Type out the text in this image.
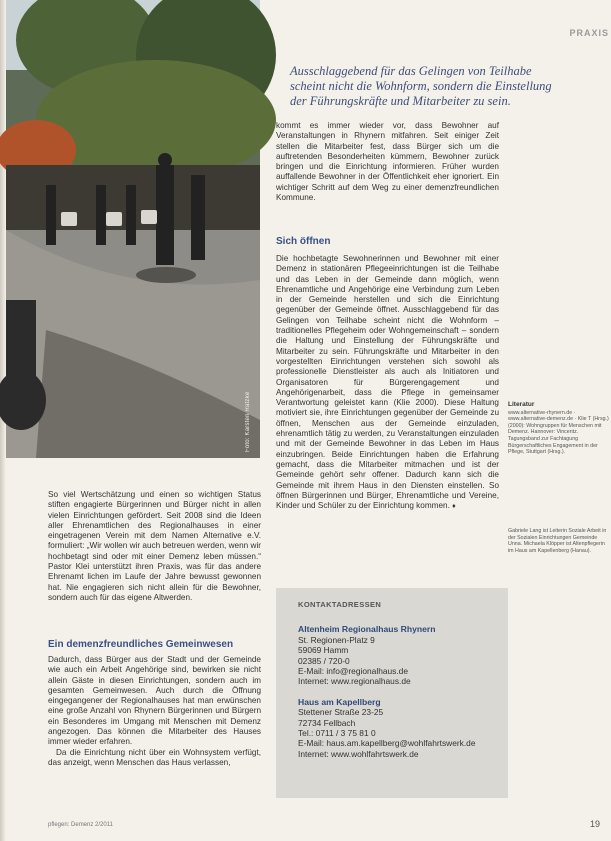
Foto: Karsten Ratzke
PRAXIS
Ausschlaggebend für das Gelingen von Teilhabe scheint nicht die Wohnform, sondern die Einstellung der Führungskräfte und Mitarbeiter zu sein.

kommt es immer wieder vor, dass Bewohner auf Veranstaltungen in Rhynern mitfahren. Seit einiger Zeit stellen die Mitarbeiter fest, dass Bürger sich um die auftretenden Besonderheiten kümmern, Bewohner zurück bringen und die Einrichtung informieren. Früher wurden auffallende Bewohner in der Öffentlichkeit eher ignoriert. Ein wichtiger Schritt auf dem Weg zu einer demenzfreundlichen Kommune.

Sich öffnen

Die hochbetagte Sewohnerinnen und Bewohner mit einer Demenz in stationären Pflegeeinrichtungen ist die Teilhabe und das Leben in der Gemeinde dann möglich, wenn Ehrenamtliche und Angehörige eine Verbindung zum Leben in der Gemeinde herstellen und sich die Einrichtung gegenüber der Gemeinde öffnet. Ausschlaggebend für das Gelingen von Teilhabe scheint nicht die Wohnform – traditionelles Pflegeheim oder Wohngemeinschaft – sondern die Haltung und Einstellung der Führungskräfte und Mitarbeiter zu sein. Führungskräfte und Mitarbeiter in den vorgestellten Einrichtungen verstehen sich sowohl als professionelle Dienstleister als auch als Initiatoren und Organisatoren für Bürgerengagement und Angehörigenarbeit, dass die Pflege in gemeinsamer Verantwortung geleistet kann (Klie 2000). Diese Haltung motiviert sie, ihre Einrichtungen gegenüber der Gemeinde zu öffnen, Menschen aus der Gemeinde einzuladen, ehrenamtlich tätig zu werden, zu Veranstaltungen einzuladen und mit der Gemeinde Bewohner in das Leben im Haus einzubringen. Beide Einrichtungen haben die Erfahrung gemacht, dass die Mitarbeiter mitmachen und ist der Gemeinde gehört sehr offener. Dadurch kann sich die Gemeinde mit ihrem Haus in den Diensten einstellen. So öffnen Bürgerinnen und Bürger, Ehrenamtliche und Vereine, Kinder und Schüler zu der Einrichtung kommen. ♦

So viel Wertschätzung und einen so wichtigen Status stiften engagierte Bürgerinnen und Bürger nicht in allen vielen Einrichtungen gefördert. Seit 2008 sind die Ideen aller Ehrenamtlichen des Regionalhauses in einer eingetragenen Verein mit dem Namen Alternative e.V. formuliert: „Wir wollen wir auch betreuen werden, wenn wir hochbetagt sind oder mit einer Demenz leben müssen.“ Pastor Klei unterstützt ihren Praxis, was für das andere Ehrenamt lichen im Laufe der Jahre bewusst gewonnen hat. Nie engagieren sich nicht allein für die Bewohner, sondern auch für das eigene Altwerden.

Ein demenzfreundliches Gemeinwesen

Dadurch, dass Bürger aus der Stadt und der Gemeinde wie auch ein Arbeit Angehörige sind, bewirken sie nicht allein Gäste in diesen Einrichtungen, sondern auch im gesamten Gemeinwesen. Auch durch die Öffnung eingegangener der Regionalhauses hat man erwünschen eine große Anzahl von Rhynern Bürgerinnen und Bürgern ein Besonderes im Umgang mit Menschen mit Demenz angezogen. Das können die Mitarbeiter des Hauses immer wieder erfahren.

Da die Einrichtung nicht über ein Wohnsystem verfügt, das anzeigt, wenn Menschen das Haus verlassen,

Literatur
www.alternative-rhynern.de · www.alternative-demenz.de · Klie T (Hrsg.) (2000): Wohngruppen für Menschen mit Demenz. Hannover: Vincentz. Tagungsband zur Fachtagung Bürgerschaftliches Engagement in der Pflege, Stuttgart (Hrsg.).
Gabriele Lang ist Leiterin Soziale Arbeit in der Sozialen Einrichtungen Gemeinde Unna. Michaela Klöpper ist Altenpflegerin im Haus am Kapellenberg (Hanau).
KONTAKTADRESSEN
Altenheim Regionalhaus Rhynern
St. Regionen-Platz 9
59069 Hamm
02385 / 720-0
E-Mail: info@regionalhaus.de
Internet: www.regionalhaus.de
Haus am Kapellberg
Stettener Straße 23-25
72734 Fellbach
Tel.: 0711 / 3 75 81 0
E-Mail: haus.am.kapellberg@wohlfahrtswerk.de
Internet: www.wohlfahrtswerk.de
pflegen: Demenz 2/2011	19
